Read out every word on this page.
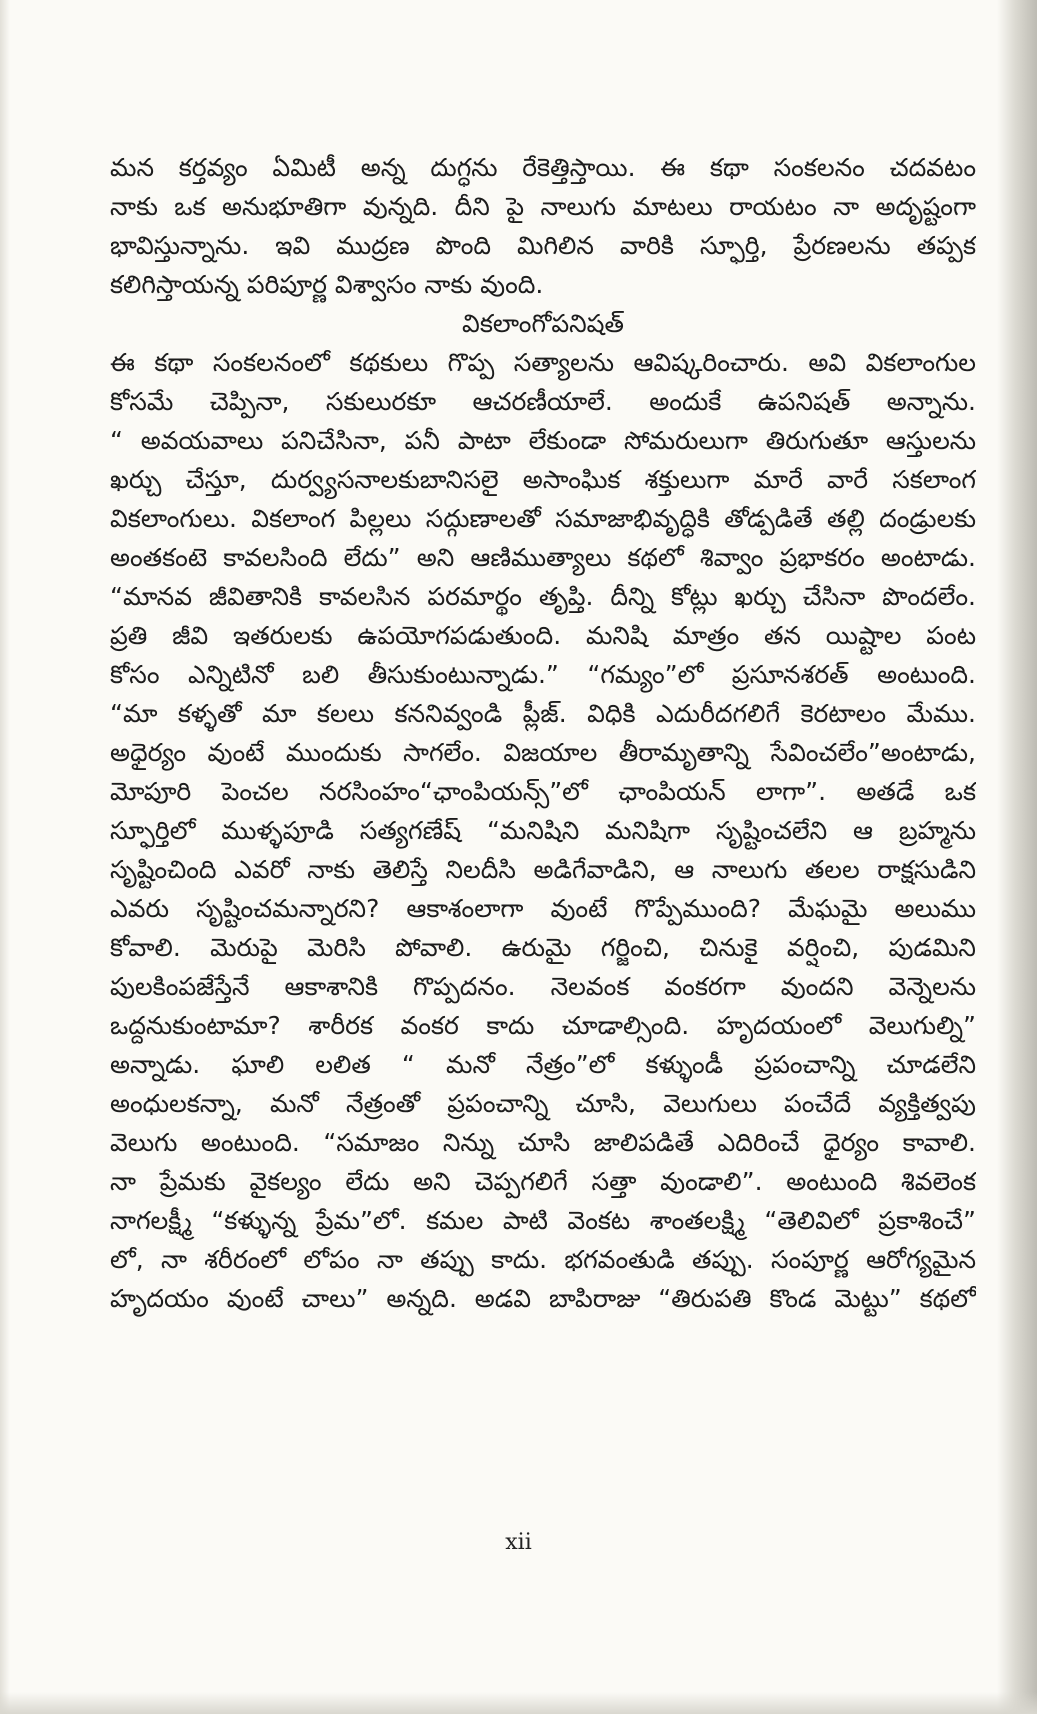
మన కర్తవ్యం ఏమిటీ అన్న దుగ్ధను రేకెత్తిస్తాయి. ఈ కథా సంకలనం చదవటం
నాకు ఒక అనుభూతిగా వున్నది. దీని పై నాలుగు మాటలు రాయటం నా అదృష్టంగా
భావిస్తున్నాను. ఇవి ముద్రణ పొంది మిగిలిన వారికి స్ఫూర్తి, ప్రేరణలను తప్పక
కలిగిస్తాయన్న పరిపూర్ణ విశ్వాసం నాకు వుంది.
వికలాంగోపనిషత్
ఈ కథా సంకలనంలో కథకులు గొప్ప సత్యాలను ఆవిష్కరించారు. అవి వికలాంగుల
కోసమే చెప్పినా, సకులురకూ ఆచరణీయాలే. అందుకే ఉపనిషత్ అన్నాను.
“ అవయవాలు పనిచేసినా, పనీ పాటా లేకుండా సోమరులుగా తిరుగుతూ ఆస్తులను
ఖర్చు చేస్తూ, దుర్వ్యసనాలకుబానిసలై అసాంఘిక శక్తులుగా మారే వారే సకలాంగ
వికలాంగులు. వికలాంగ పిల్లలు సద్గుణాలతో సమాజాభివృద్ధికి తోడ్పడితే తల్లి దండ్రులకు
అంతకంటె కావలసింది లేదు” అని ఆణిముత్యాలు కథలో శివ్వాం ప్రభాకరం అంటాడు.
“మానవ జీవితానికి కావలసిన పరమార్థం తృప్తి. దీన్ని కోట్లు ఖర్చు చేసినా పొందలేం.
ప్రతి జీవి ఇతరులకు ఉపయోగపడుతుంది. మనిషి మాత్రం తన యిష్టాల పంట
కోసం ఎన్నిటినో బలి తీసుకుంటున్నాడు.” “గమ్యం”లో ప్రసూనశరత్ అంటుంది.
“మా కళ్ళతో మా కలలు కననివ్వండి ప్లీజ్. విధికి ఎదురీదగలిగే కెరటాలం మేము.
అధైర్యం వుంటే ముందుకు సాగలేం. విజయాల తీరామృతాన్ని సేవించలేం”అంటాడు,
మోపూరి పెంచల నరసింహం“ఛాంపియన్స్”లో ఛాంపియన్ లాగా”. అతడే ఒక
స్ఫూర్తిలో ముళ్ళపూడి సత్యగణేష్ “మనిషిని మనిషిగా సృష్టించలేని ఆ బ్రహ్మను
సృష్టించింది ఎవరో నాకు తెలిస్తే నిలదీసి అడిగేవాడిని, ఆ నాలుగు తలల రాక్షసుడిని
ఎవరు సృష్టించమన్నారని? ఆకాశంలాగా వుంటే గొప్పేముంది? మేఘమై అలుము
కోవాలి. మెరుపై మెరిసి పోవాలి. ఉరుమై గర్జించి, చినుకై వర్షించి, పుడమిని
పులకింపజేస్తేనే ఆకాశానికి గొప్పదనం. నెలవంక వంకరగా వుందని వెన్నెలను
ఒద్దనుకుంటామా? శారీరక వంకర కాదు చూడాల్సింది. హృదయంలో వెలుగుల్ని”
అన్నాడు. ఘాలి లలిత “ మనో నేత్రం”లో కళ్ళుండీ ప్రపంచాన్ని చూడలేని
అంధులకన్నా, మనో నేత్రంతో ప్రపంచాన్ని చూసి, వెలుగులు పంచేదే వ్యక్తిత్వపు
వెలుగు అంటుంది. “సమాజం నిన్ను చూసి జాలిపడితే ఎదిరించే ధైర్యం కావాలి.
నా ప్రేమకు వైకల్యం లేదు అని చెప్పగలిగే సత్తా వుండాలి”. అంటుంది శివలెంక
నాగలక్ష్మీ “కళ్ళున్న ప్రేమ”లో. కమల పాటి వెంకట శాంతలక్ష్మి “తెలివిలో ప్రకాశించే”
లో, నా శరీరంలో లోపం నా తప్పు కాదు. భగవంతుడి తప్పు. సంపూర్ణ ఆరోగ్యమైన
హృదయం వుంటే చాలు” అన్నది. అడవి బాపిరాజు “తిరుపతి కొండ మెట్టు” కథలో
xii
